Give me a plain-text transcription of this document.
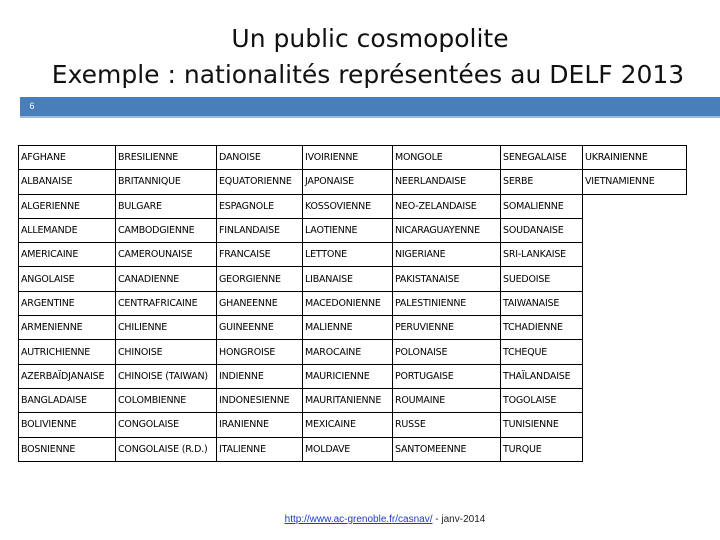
Un public cosmopolite
Exemple : nationalités représentées au DELF 2013
6
AFGHANE	BRESILIENNE	DANOISE	IVOIRIENNE	MONGOLE	SENEGALAISE	UKRAINIENNE
ALBANAISE	BRITANNIQUE	EQUATORIENNE	JAPONAISE	NEERLANDAISE	SERBE	VIETNAMIENNE
ALGERIENNE	BULGARE	ESPAGNOLE	KOSSOVIENNE	NEO-ZELANDAISE	SOMALIENNE	
ALLEMANDE	CAMBODGIENNE	FINLANDAISE	LAOTIENNE	NICARAGUAYENNE	SOUDANAISE	
AMERICAINE	CAMEROUNAISE	FRANCAISE	LETTONE	NIGERIANE	SRI-LANKAISE	
ANGOLAISE	CANADIENNE	GEORGIENNE	LIBANAISE	PAKISTANAISE	SUEDOISE	
ARGENTINE	CENTRAFRICAINE	GHANEENNE	MACEDONIENNE	PALESTINIENNE	TAIWANAISE	
ARMENIENNE	CHILIENNE	GUINEENNE	MALIENNE	PERUVIENNE	TCHADIENNE	
AUTRICHIENNE	CHINOISE	HONGROISE	MAROCAINE	POLONAISE	TCHEQUE	
AZERBAÏDJANAISE	CHINOISE (TAIWAN)	INDIENNE	MAURICIENNE	PORTUGAISE	THAÏLANDAISE	
BANGLADAISE	COLOMBIENNE	INDONESIENNE	MAURITANIENNE	ROUMAINE	TOGOLAISE	
BOLIVIENNE	CONGOLAISE	IRANIENNE	MEXICAINE	RUSSE	TUNISIENNE	
BOSNIENNE	CONGOLAISE (R.D.)	ITALIENNE	MOLDAVE	SANTOMEENNE	TURQUE	
http://www.ac-grenoble.fr/casnav/ - janv-2014
